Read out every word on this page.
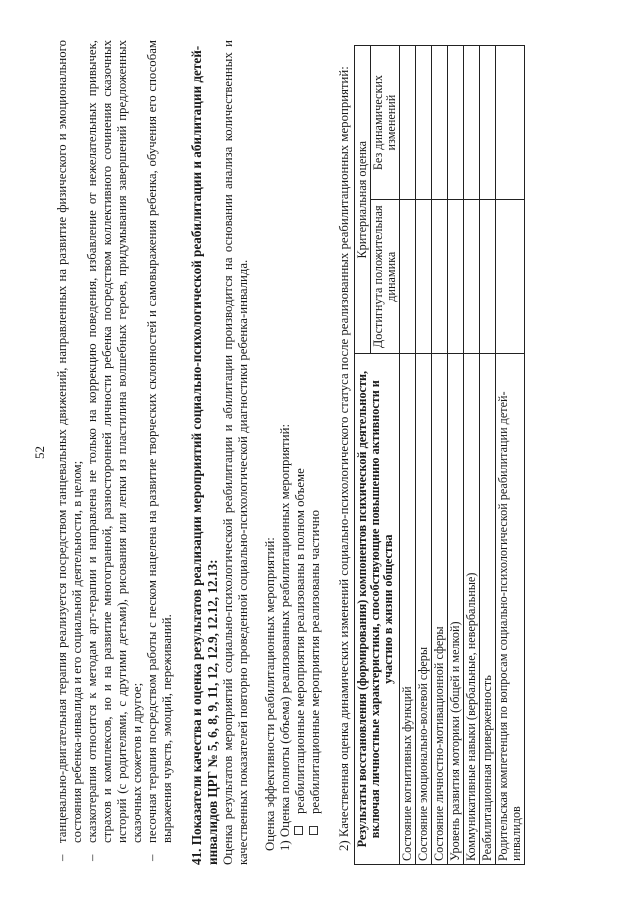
52 – танцевально-двигательная терапия реализуется посредством танцевальных движений, направленных на развитие физического и эмоционального состояния ребенка-инвалида и его социальной деятельности, в целом; – сказкотерапия относится к методам арт-терапии и направлена не только на коррекцию поведения, избавление от нежелательных привычек, страхов и комплексов, но и на развитие многогранной, разносторонней личности ребенка посредством коллективного сочинения сказочных историй (с родителями, с другими детьми), рисования или лепки из пластилина волшебных героев, придумывания завершений предложенных сказочных сюжетов и другое; – песочная терапия посредством работы с песком нацелена на развитие творческих склонностей и самовыражения ребенка, обучения его способам выражения чувств, эмоций, переживаний. 41. Показатели качества и оценка результатов реализации мероприятий социально-психологической реабилитации и абилитации детей-инвалидов ЦРГ № 5, 6, 8, 9, 11, 12, 12.9, 12.12, 12.13: Оценка результатов мероприятий социально-психологической реабилитации и абилитации производится на основании анализа количественных и качественных показателей повторно проведенной социально-психологической диагностики ребенка-инвалида. Оценка эффективности реабилитационных мероприятий: 1) Оценка полноты (объема) реализованных реабилитационных мероприятий: реабилитационные мероприятия реализованы в полном объеме реабилитационные мероприятия реализованы частично 2) Качественная оценка динамических изменений социально-психологического статуса после реализованных реабилитационных мероприятий: Результаты восстановления (формирования) компонентов психической деятельности, включая личностные характеристики, способствующие повышению активности и участию в жизни общества	Критериальная оценка	
	Достигнута положительная динамика	Без динамических изменений
Состояние когнитивных функций		
Состояние эмоционально-волевой сферы		
Состояние личностно-мотивационной сферы		
Уровень развития моторики (общей и мелкой)		
Коммуникативные навыки (вербальные, невербальные)		
Реабилитационная приверженность		
Родительская компетенция по вопросам социально-психологической реабилитации детей-инвалидов		
